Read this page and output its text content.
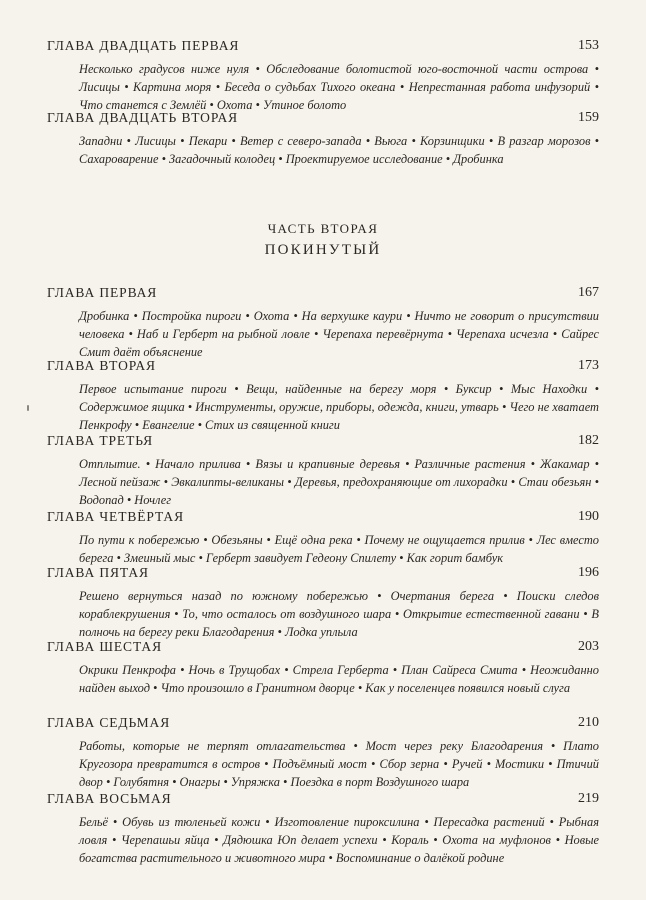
ГЛАВА ДВАДЦАТЬ ПЕРВАЯ	153
Несколько градусов ниже нуля • Обследование болотистой юго-восточной части острова • Лисицы • Картина моря • Беседа о судьбах Тихого океана • Непрестанная работа инфузорий • Что станется с Землёй • Охота • Утиное болото
ГЛАВА ДВАДЦАТЬ ВТОРАЯ	159
Западни • Лисицы • Пекари • Ветер с северо-запада • Вьюга • Корзинщики • В разгар морозов • Сахароварение • Загадочный колодец • Проектируемое исследование • Дробинка
ЧАСТЬ ВТОРАЯ
ПОКИНУТЫЙ
ГЛАВА ПЕРВАЯ	167
Дробинка • Постройка пироги • Охота • На верхушке каури • Ничто не говорит о присутствии человека • Наб и Герберт на рыбной ловле • Черепаха перевёрнута • Черепаха исчезла • Сайрес Смит даёт объяснение
ГЛАВА ВТОРАЯ	173
Первое испытание пироги • Вещи, найденные на берегу моря • Буксир • Мыс Находки • Содержимое ящика • Инструменты, оружие, приборы, одежда, книги, утварь • Чего не хватает Пенкрофу • Евангелие • Стих из священной книги
ГЛАВА ТРЕТЬЯ	182
Отплытие. • Начало прилива • Вязы и крапивные деревья • Различные растения • Жакамар • Лесной пейзаж • Эвкалипты-великаны • Деревья, предохраняющие от лихорадки • Стаи обезьян • Водопад • Ночлег
ГЛАВА ЧЕТВЁРТАЯ	190
По пути к побережью • Обезьяны • Ещё одна река • Почему не ощущается прилив • Лес вместо берега • Змеиный мыс • Герберт завидует Гедеону Спилету • Как горит бамбук
ГЛАВА ПЯТАЯ	196
Решено вернуться назад по южному побережью • Очертания берега • Поиски следов кораблекрушения • То, что осталось от воздушного шара • Открытие естественной гавани • В полночь на берегу реки Благодарения • Лодка уплыла
ГЛАВА ШЕСТАЯ	203
Окрики Пенкрофа • Ночь в Трущобах • Стрела Герберта • План Сайреса Смита • Неожиданно найден выход • Что произошло в Гранитном дворце • Как у поселенцев появился новый слуга
ГЛАВА СЕДЬМАЯ	210
Работы, которые не терпят отлагательства • Мост через реку Благодарения • Плато Кругозора превратится в остров • Подъёмный мост • Сбор зерна • Ручей • Мостики • Птичий двор • Голубятня • Онагры • Упряжка • Поездка в порт Воздушного шара
ГЛАВА ВОСЬМАЯ	219
Бельё • Обувь из тюленьей кожи • Изготовление пироксилина • Пересадка растений • Рыбная ловля • Черепашьи яйца • Дядюшка Юп делает успехи • Кораль • Охота на муфлонов • Новые богатства растительного и животного мира • Воспоминание о далёкой родине
